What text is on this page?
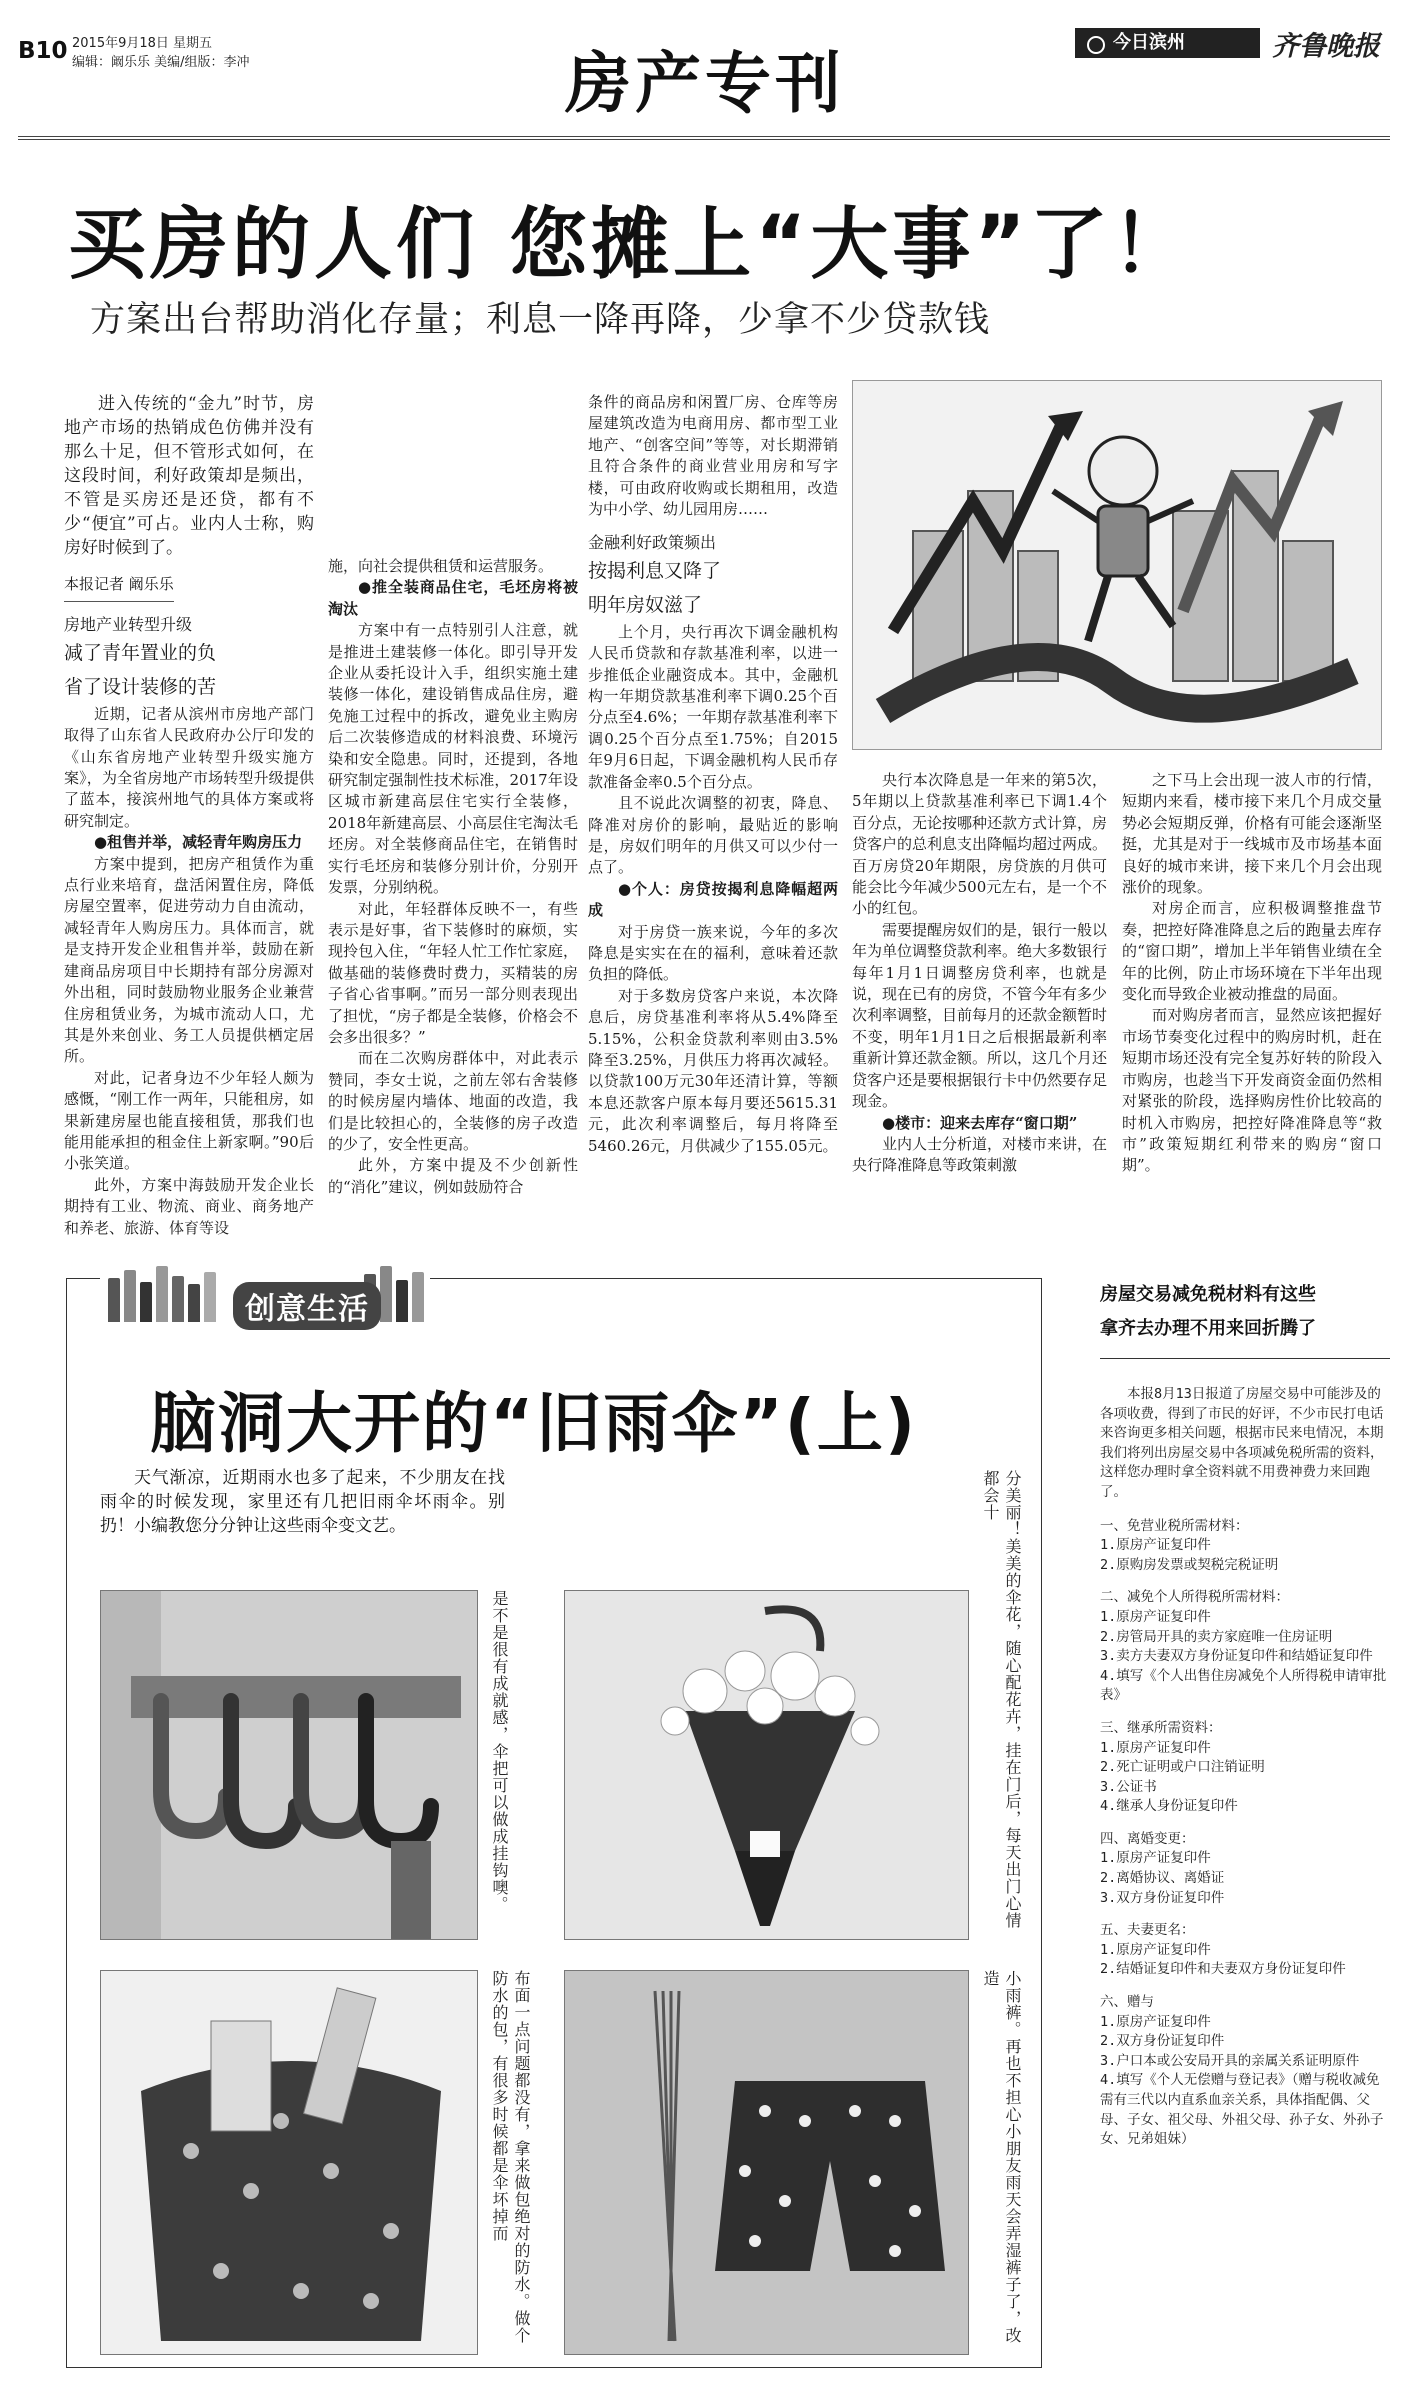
B10 2015年9月18日 星期五
编辑：阚乐乐 美编/组版：李冲	房产专刊
今日滨州	齐鲁晚报
买房的人们 您摊上“大事”了！
方案出台帮助消化存量；利息一降再降，少拿不少贷款钱

进入传统的“金九”时节，房地产市场的热销成色仿佛并没有那么十足，但不管形式如何，在这段时间，利好政策却是频出，不管是买房还是还贷，都有不少“便宜”可占。业内人士称，购房好时候到了。

本报记者 阚乐乐
房地产业转型升级
减了青年置业的负
省了设计装修的苦

近期，记者从滨州市房地产部门取得了山东省人民政府办公厅印发的《山东省房地产业转型升级实施方案》，为全省房地产市场转型升级提供了蓝本，接滨州地气的具体方案或将研究制定。

●租售并举，减轻青年购房压力

方案中提到，把房产租赁作为重点行业来培育，盘活闲置住房，降低房屋空置率，促进劳动力自由流动，减轻青年人购房压力。具体而言，就是支持开发企业租售并举，鼓励在新建商品房项目中长期持有部分房源对外出租，同时鼓励物业服务企业兼营住房租赁业务，为城市流动人口，尤其是外来创业、务工人员提供栖定居所。

对此，记者身边不少年轻人颇为感慨，“刚工作一两年，只能租房，如果新建房屋也能直接租赁，那我们也能用能承担的租金住上新家啊。”90后小张笑道。

此外，方案中海鼓励开发企业长期持有工业、物流、商业、商务地产和养老、旅游、体育等设

施，向社会提供租赁和运营服务。

●推全装商品住宅，毛坯房将被淘汰

方案中有一点特别引人注意，就是推进土建装修一体化。即引导开发企业从委托设计入手，组织实施土建装修一体化，建设销售成品住房，避免施工过程中的拆改，避免业主购房后二次装修造成的材料浪费、环境污染和安全隐患。同时，还提到，各地研究制定强制性技术标准，2017年设区城市新建高层住宅实行全装修，2018年新建高层、小高层住宅淘汰毛坯房。对全装修商品住宅，在销售时实行毛坯房和装修分别计价，分别开发票，分别纳税。

对此，年轻群体反映不一，有些表示是好事，省下装修时的麻烦，实现拎包入住，“年轻人忙工作忙家庭，做基础的装修费时费力，买精装的房子省心省事啊。”而另一部分则表现出了担忧，“房子都是全装修，价格会不会多出很多？”

而在二次购房群体中，对此表示赞同，李女士说，之前左邻右舍装修的时候房屋内墙体、地面的改造，我们是比较担心的，全装修的房子改造的少了，安全性更高。

此外，方案中提及不少创新性的“消化”建议，例如鼓励符合

条件的商品房和闲置厂房、仓库等房屋建筑改造为电商用房、都市型工业地产、“创客空间”等等，对长期滞销且符合条件的商业营业用房和写字楼，可由政府收购或长期租用，改造为中小学、幼儿园用房……

金融利好政策频出
按揭利息又降了
明年房奴滋了

上个月，央行再次下调金融机构人民币贷款和存款基准利率，以进一步推低企业融资成本。其中，金融机构一年期贷款基准利率下调0.25个百分点至4.6%；一年期存款基准利率下调0.25个百分点至1.75%；自2015年9月6日起，下调金融机构人民币存款准备金率0.5个百分点。

且不说此次调整的初衷，降息、降准对房价的影响，最贴近的影响是，房奴们明年的月供又可以少付一点了。

●个人：房贷按揭利息降幅超两成

对于房贷一族来说，今年的多次降息是实实在在的福利，意味着还款负担的降低。

对于多数房贷客户来说，本次降息后，房贷基准利率将从5.4%降至5.15%，公积金贷款利率则由3.5%降至3.25%，月供压力将再次减轻。以贷款100万元30年还清计算，等额本息还款客户原本每月要还5615.31元，此次利率调整后，每月将降至5460.26元，月供减少了155.05元。

央行本次降息是一年来的第5次，5年期以上贷款基准利率已下调1.4个百分点，无论按哪种还款方式计算，房贷客户的总利息支出降幅均超过两成。百万房贷20年期限，房贷族的月供可能会比今年减少500元左右，是一个不小的红包。

需要提醒房奴们的是，银行一般以年为单位调整贷款利率。绝大多数银行每年1月1日调整房贷利率，也就是说，现在已有的房贷，不管今年有多少次利率调整，目前每月的还款金额暂时不变，明年1月1日之后根据最新利率重新计算还款金额。所以，这几个月还贷客户还是要根据银行卡中仍然要存足现金。

●楼市：迎来去库存“窗口期”

业内人士分析道，对楼市来讲，在央行降准降息等政策刺激

之下马上会出现一波人市的行情，短期内来看，楼市接下来几个月成交量势必会短期反弹，价格有可能会逐渐坚挺，尤其是对于一线城市及市场基本面良好的城市来讲，接下来几个月会出现涨价的现象。

对房企而言，应积极调整推盘节奏，把控好降准降息之后的跑量去库存的“窗口期”，增加上半年销售业绩在全年的比例，防止市场环境在下半年出现变化而导致企业被动推盘的局面。

而对购房者而言，显然应该把握好市场节奏变化过程中的购房时机，赶在短期市场还没有完全复苏好转的阶段入市购房，也趁当下开发商资金面仍然相对紧张的阶段，选择购房性价比较高的时机入市购房，把控好降准降息等“救市”政策短期红利带来的购房“窗口期”。

创意生活
脑洞大开的“旧雨伞”(上)
天气渐凉，近期雨水也多了起来，不少朋友在找雨伞的时候发现，家里还有几把旧雨伞坏雨伞。别扔！小编教您分分钟让这些雨伞变文艺。
是不是很有成就感，伞把可以做成挂钩噢。	分美丽！美美的伞花，随心配花卉，挂在门后，每天出门心情都会十
布面一点问题都没有，拿来做包绝对的防水。做个防水的包，有很多时候都是伞坏掉而	小雨裤。再也不担心小朋友雨天会弄湿裤子了，改造
房屋交易减免税材料有这些
拿齐去办理不用来回折腾了

本报8月13日报道了房屋交易中可能涉及的各项收费，得到了市民的好评，不少市民打电话来咨询更多相关问题，根据市民来电情况，本期我们将列出房屋交易中各项减免税所需的资料，这样您办理时拿全资料就不用费神费力来回跑了。

一、免营业税所需材料：
1.原房产证复印件
2.原购房发票或契税完税证明
二、减免个人所得税所需材料：
1.原房产证复印件
2.房管局开具的卖方家庭唯一住房证明
3.卖方夫妻双方身份证复印件和结婚证复印件
4.填写《个人出售住房减免个人所得税申请审批表》
三、继承所需资料：
1.原房产证复印件
2.死亡证明或户口注销证明
3.公证书
4.继承人身份证复印件
四、离婚变更：
1.原房产证复印件
2.离婚协议、离婚证
3.双方身份证复印件
五、夫妻更名：
1.原房产证复印件
2.结婚证复印件和夫妻双方身份证复印件
六、赠与
1.原房产证复印件
2.双方身份证复印件
3.户口本或公安局开具的亲属关系证明原件
4.填写《个人无偿赠与登记表》（赠与税收减免需有三代以内直系血亲关系，具体指配偶、父母、子女、祖父母、外祖父母、孙子女、外孙子女、兄弟姐妹）
